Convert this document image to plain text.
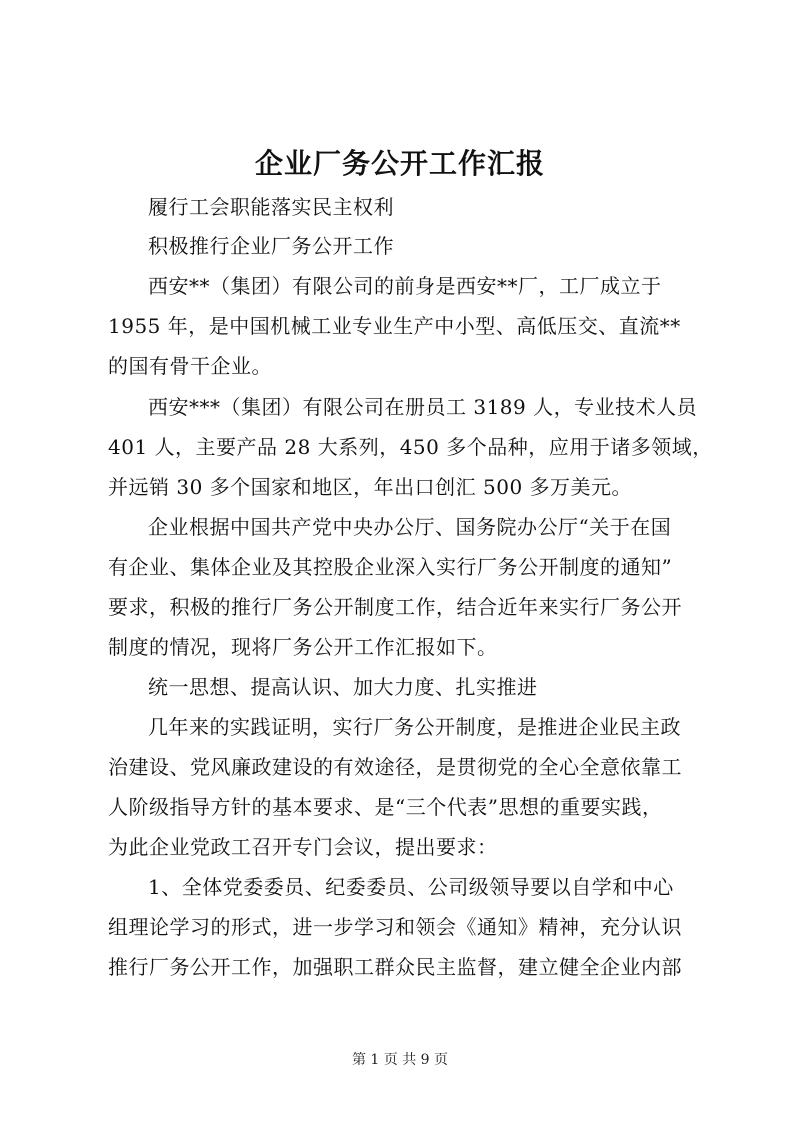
企业厂务公开工作汇报
履行工会职能落实民主权利
积极推行企业厂务公开工作
西安**（集团）有限公司的前身是西安**厂，工厂成立于
1955 年，是中国机械工业专业生产中小型、高低压交、直流**
的国有骨干企业。
西安***（集团）有限公司在册员工 3189 人，专业技术人员
401 人，主要产品 28 大系列，450 多个品种，应用于诸多领域，
并远销 30 多个国家和地区，年出口创汇 500 多万美元。
企业根据中国共产党中央办公厅、国务院办公厅“关于在国
有企业、集体企业及其控股企业深入实行厂务公开制度的通知”
要求，积极的推行厂务公开制度工作，结合近年来实行厂务公开
制度的情况，现将厂务公开工作汇报如下。
统一思想、提高认识、加大力度、扎实推进
几年来的实践证明，实行厂务公开制度，是推进企业民主政
治建设、党风廉政建设的有效途径，是贯彻党的全心全意依靠工
人阶级指导方针的基本要求、是“三个代表”思想的重要实践，
为此企业党政工召开专门会议，提出要求：
1、全体党委委员、纪委委员、公司级领导要以自学和中心
组理论学习的形式，进一步学习和领会《通知》精神，充分认识
推行厂务公开工作，加强职工群众民主监督，建立健全企业内部
第 1 页 共 9 页
